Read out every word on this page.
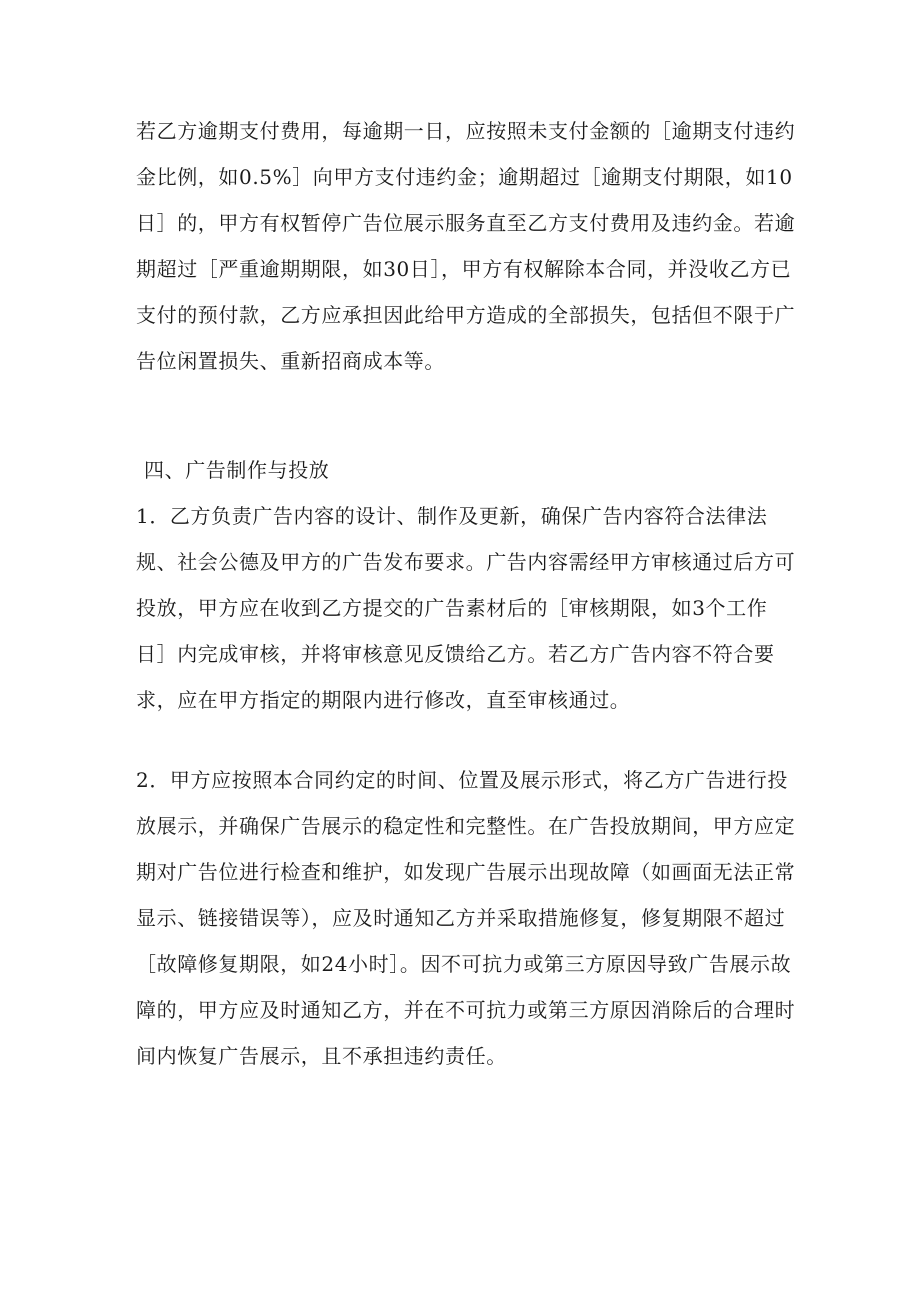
若乙方逾期支付费用，每逾期一日，应按照未支付金额的［逾期支付违约
金比例，如0.5%］向甲方支付违约金；逾期超过［逾期支付期限，如10
日］的，甲方有权暂停广告位展示服务直至乙方支付费用及违约金。若逾
期超过［严重逾期期限，如30日］，甲方有权解除本合同，并没收乙方已
支付的预付款，乙方应承担因此给甲方造成的全部损失，包括但不限于广
告位闲置损失、重新招商成本等。
四、广告制作与投放
1．乙方负责广告内容的设计、制作及更新，确保广告内容符合法律法
规、社会公德及甲方的广告发布要求。广告内容需经甲方审核通过后方可
投放，甲方应在收到乙方提交的广告素材后的［审核期限，如3个工作
日］内完成审核，并将审核意见反馈给乙方。若乙方广告内容不符合要
求，应在甲方指定的期限内进行修改，直至审核通过。
2．甲方应按照本合同约定的时间、位置及展示形式，将乙方广告进行投
放展示，并确保广告展示的稳定性和完整性。在广告投放期间，甲方应定
期对广告位进行检查和维护，如发现广告展示出现故障（如画面无法正常
显示、链接错误等），应及时通知乙方并采取措施修复，修复期限不超过
［故障修复期限，如24小时］。因不可抗力或第三方原因导致广告展示故
障的，甲方应及时通知乙方，并在不可抗力或第三方原因消除后的合理时
间内恢复广告展示，且不承担违约责任。
